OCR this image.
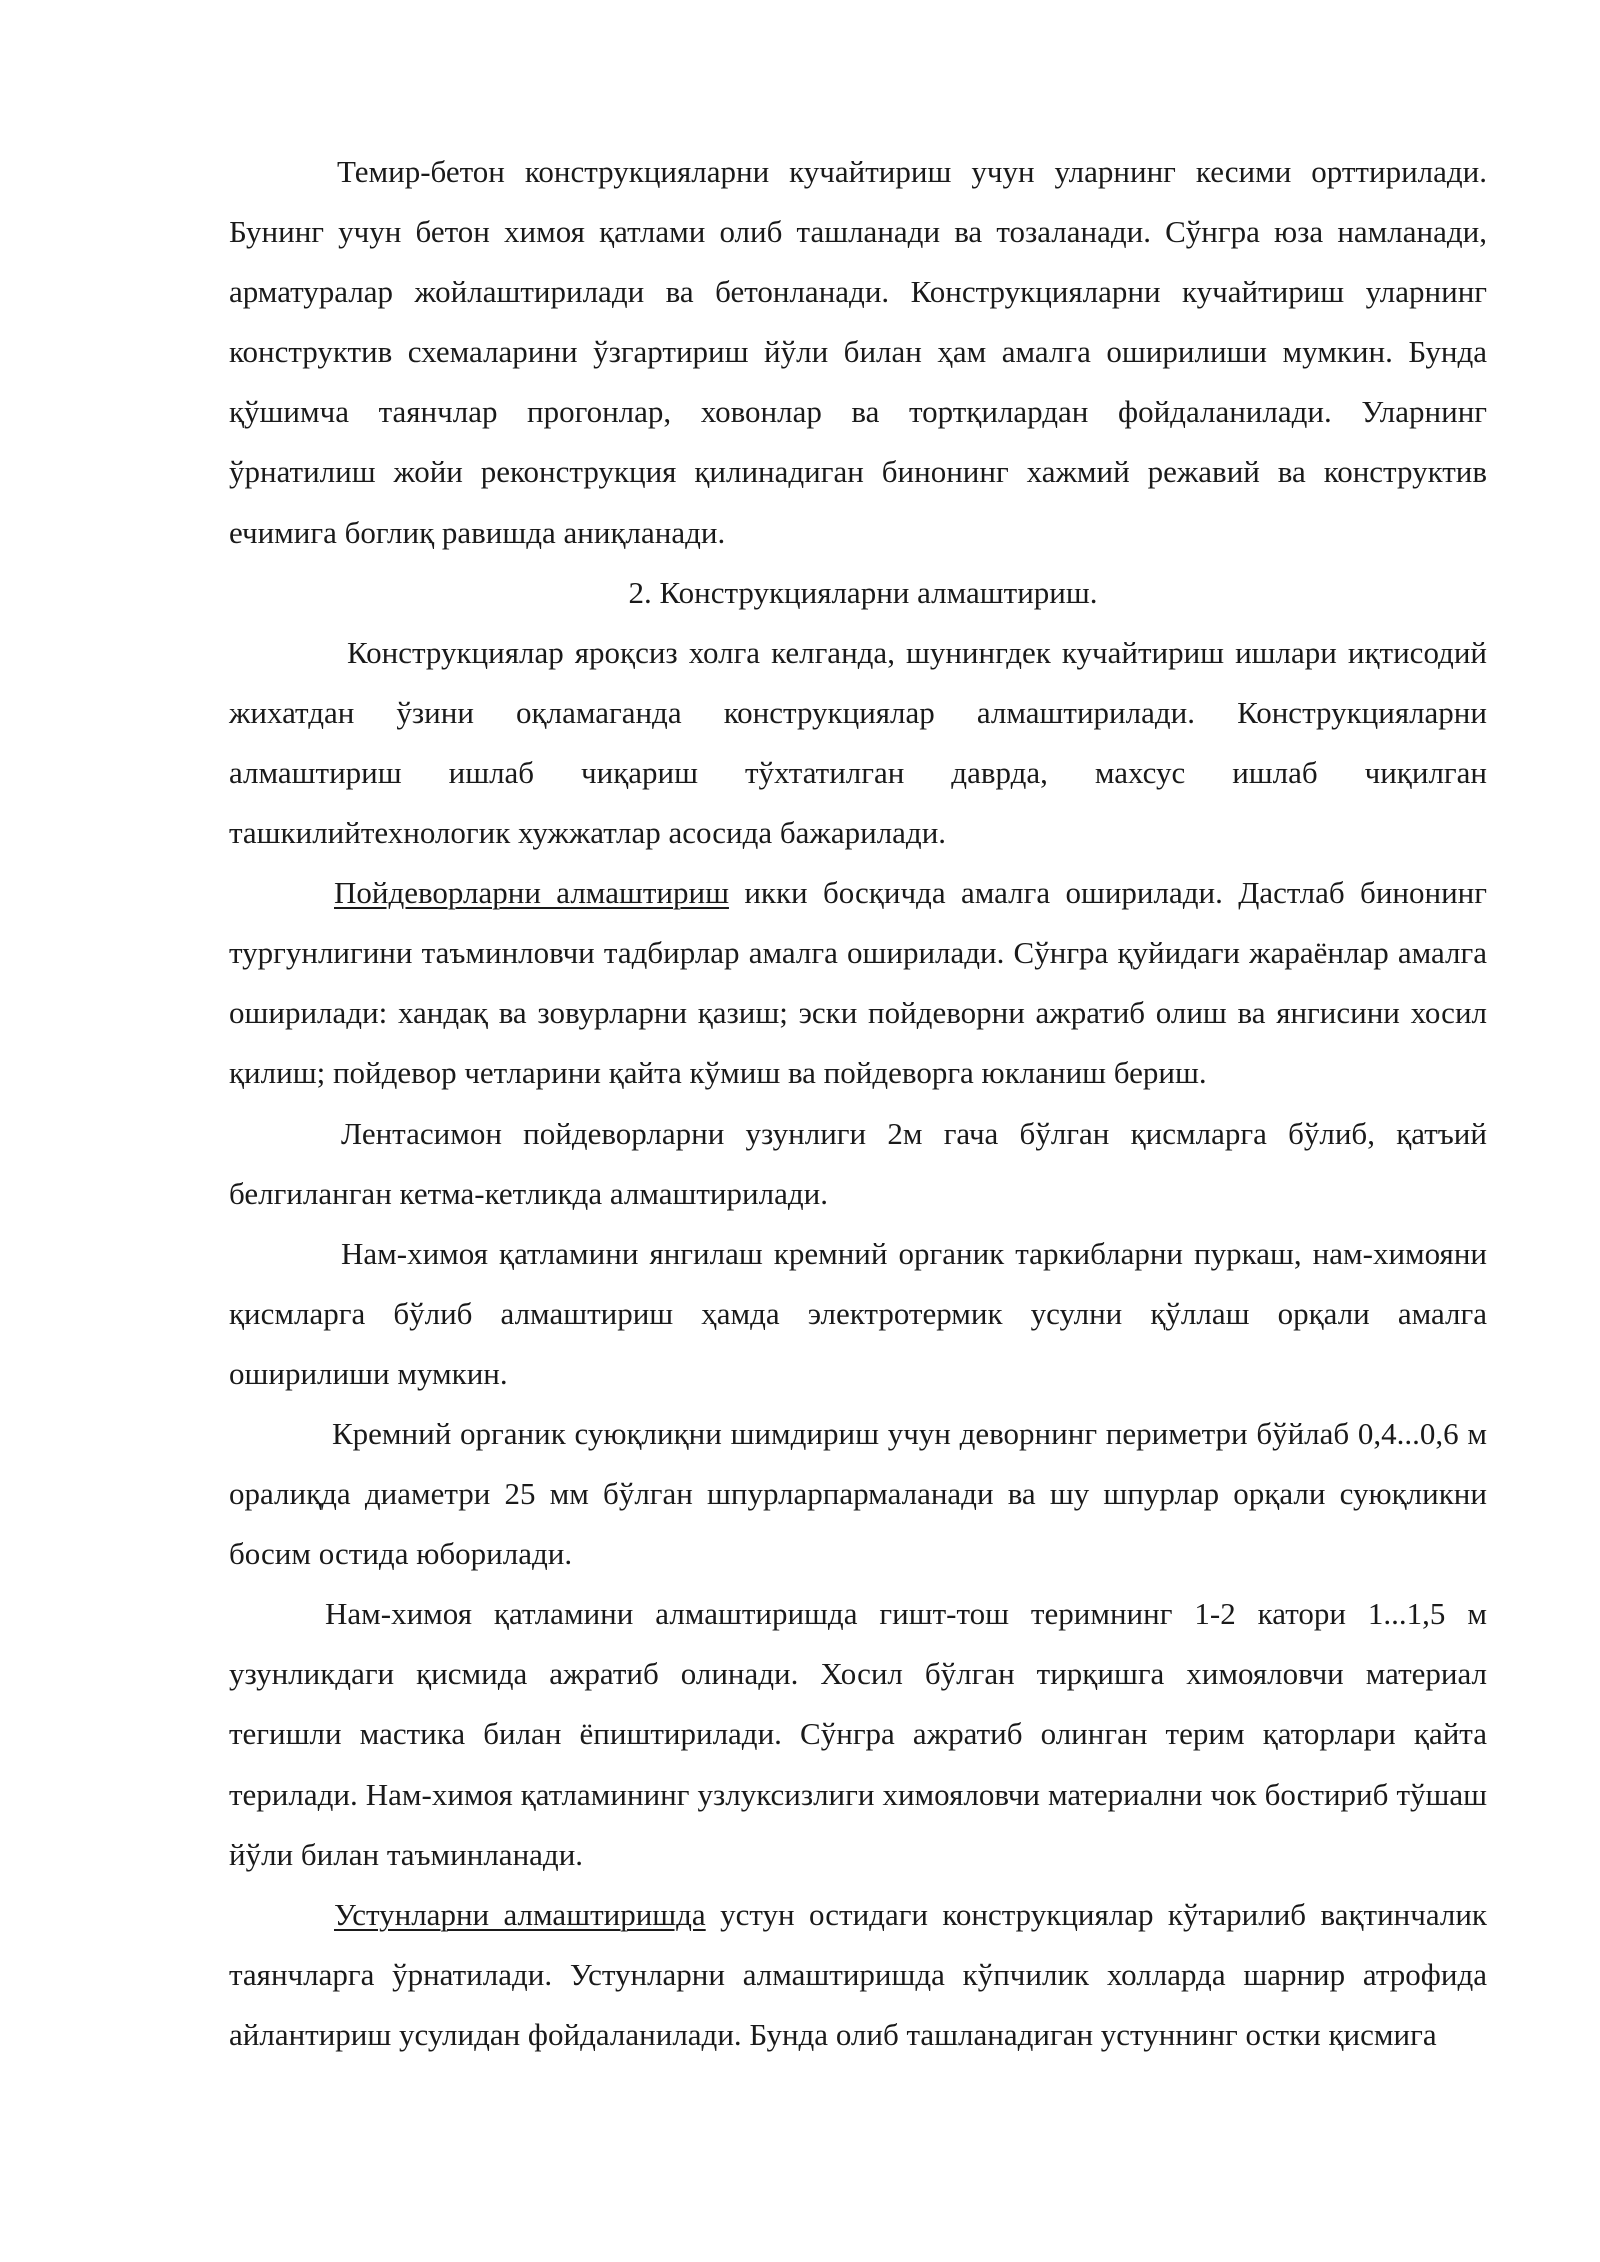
Темир-бетон конструкцияларни кучайтириш учун уларнинг кесими орттирилади. Бунинг учун бетон химоя қатлами олиб ташланади ва тозаланади. Сўнгра юза намланади, арматуралар жойлаштирилади ва бетонланади. Конструкцияларни кучайтириш уларнинг конструктив схемаларини ўзгартириш йўли билан ҳам амалга оширилиши мумкин. Бунда қўшимча таянчлар прогонлар, ховонлар ва тортқилардан фойдаланилади. Уларнинг ўрнатилиш жойи реконструкция қилинадиган бинонинг хажмий режавий ва конструктив ечимига боглиқ равишда аниқланади.

2. Конструкцияларни алмаштириш.

Конструкциялар яроқсиз холга келганда, шунингдек кучайтириш ишлари иқтисодий жихатдан ўзини оқламаганда конструкциялар алмаштирилади. Конструкцияларни алмаштириш ишлаб чиқариш тўхтатилган даврда, махсус ишлаб чиқилган ташкилийтехнологик хужжатлар асосида бажарилади.

Пойдеворларни алмаштириш икки босқичда амалга оширилади. Дастлаб бинонинг тургунлигини таъминловчи тадбирлар амалга оширилади. Сўнгра қуйидаги жараёнлар амалга оширилади: хандақ ва зовурларни қазиш; эски пойдеворни ажратиб олиш ва янгисини хосил қилиш; пойдевор четларини қайта кўмиш ва пойдеворга юкланиш бериш.

Лентасимон пойдеворларни узунлиги 2м гача бўлган қисмларга бўлиб, қатъий белгиланган кетма-кетликда алмаштирилади.

Нам-химоя қатламини янгилаш кремний органик таркибларни пуркаш, нам-химояни қисмларга бўлиб алмаштириш ҳамда электротермик усулни қўллаш орқали амалга оширилиши мумкин.

Кремний органик суюқлиқни шимдириш учун деворнинг периметри бўйлаб 0,4...0,6 м оралиқда диаметри 25 мм бўлган шпурларпармаланади ва шу шпурлар орқали суюқликни босим остида юборилади.

Нам-химоя қатламини алмаштиришда гишт-тош теримнинг 1-2 катори 1...1,5 м узунликдаги қисмида ажратиб олинади. Хосил бўлган тирқишга химояловчи материал тегишли мастика билан ёпиштирилади. Сўнгра ажратиб олинган терим қаторлари қайта терилади. Нам-химоя қатламининг узлуксизлиги химояловчи материални чок бостириб тўшаш йўли билан таъминланади.

Устунларни алмаштиришда устун остидаги конструкциялар кўтарилиб вақтинчалик таянчларга ўрнатилади. Устунларни алмаштиришда кўпчилик холларда шарнир атрофида айлантириш усулидан фойдаланилади. Бунда олиб ташланадиган устуннинг остки қисмига
